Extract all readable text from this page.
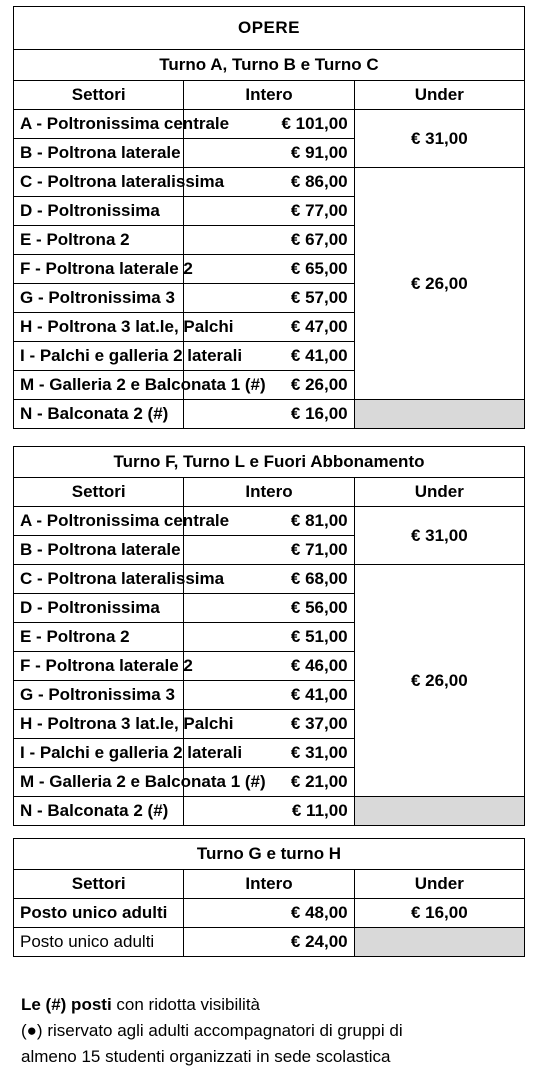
OPERE		
Turno A, Turno B e Turno C		
Settori	Intero	Under
A - Poltronissima centrale	€ 101,00	€ 31,00
B - Poltrona laterale	€ 91,00	
C - Poltrona lateralissima	€ 86,00	€ 26,00
D - Poltronissima	€ 77,00	
E - Poltrona 2	€ 67,00	
F - Poltrona laterale 2	€ 65,00	
G - Poltronissima 3	€ 57,00	
H - Poltrona 3 lat.le, Palchi	€ 47,00	
I - Palchi e galleria 2 laterali	€ 41,00	
M - Galleria 2 e Balconata 1 (#)	€ 26,00	
N - Balconata 2 (#)	€ 16,00	
Turno F, Turno L e Fuori Abbonamento		
Settori	Intero	Under
A - Poltronissima centrale	€ 81,00	€ 31,00
B - Poltrona laterale	€ 71,00	
C - Poltrona lateralissima	€ 68,00	€ 26,00
D - Poltronissima	€ 56,00	
E - Poltrona 2	€ 51,00	
F - Poltrona laterale 2	€ 46,00	
G - Poltronissima 3	€ 41,00	
H - Poltrona 3 lat.le, Palchi	€ 37,00	
I - Palchi e galleria 2 laterali	€ 31,00	
M - Galleria 2 e Balconata 1 (#)	€ 21,00	
N - Balconata 2 (#)	€ 11,00	
Turno G e turno H		
Settori	Intero	Under
Posto unico adulti	€ 48,00	€ 16,00
Posto unico adulti	€ 24,00	
Le (#) posti con ridotta visibilità
(●) riservato agli adulti accompagnatori di gruppi di
almeno 15 studenti organizzati in sede scolastica
